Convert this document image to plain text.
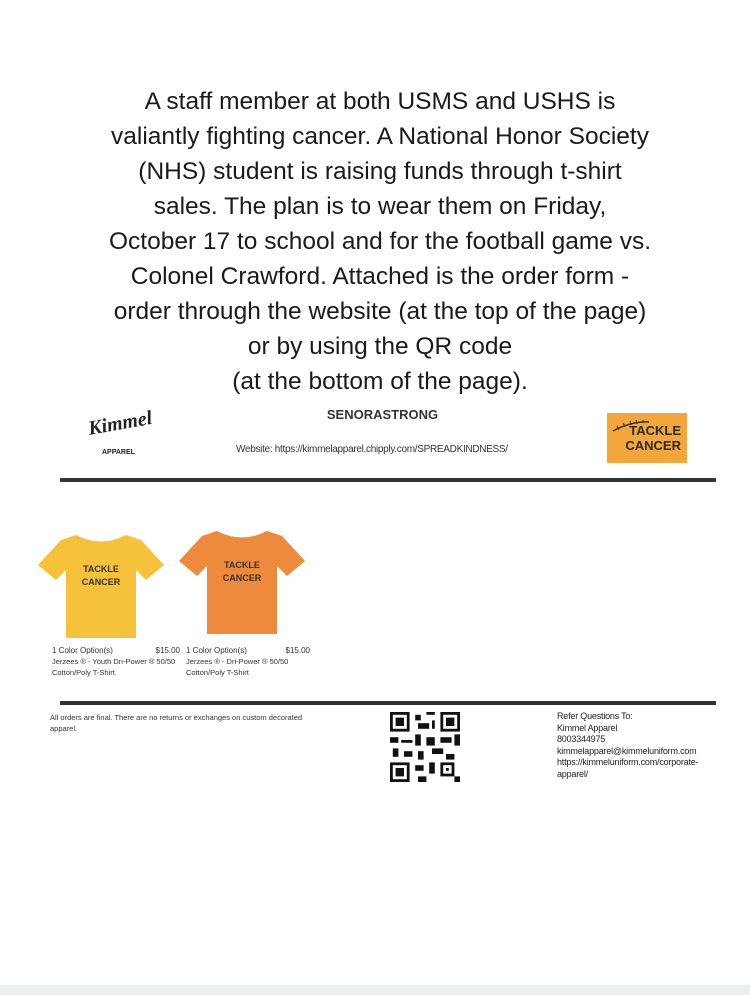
A staff member at both USMS and USHS is
valiantly fighting cancer. A National Honor Society
(NHS) student is raising funds through t-shirt
sales. The plan is to wear them on Friday,
October 17 to school and for the football game vs.
Colonel Crawford. Attached is the order form -
order through the website (at the top of the page)
or by using the QR code
(at the bottom of the page).
Kimmel
APPAREL
SENORASTRONG
Website: https://kimmelapparel.chipply.com/SPREADKINDNESS/
TACKLE
CANCER
TACKLE
CANCER
TACKLE
CANCER
1 Color Option(s)	$15.00
Jerzees ® - Youth Dri-Power ® 50/50 Cotton/Poly T-Shirt
1 Color Option(s)	$15.00
Jerzees ® - Dri-Power ® 50/50 Cotton/Poly T-Shirt
All orders are final. There are no returns or exchanges on custom decorated apparel.
Refer Questions To:
Kimmel Apparel
8003344975
kimmelapparel@kimmeluniform.com
https://kimmeluniform.com/corporate-
apparel/
